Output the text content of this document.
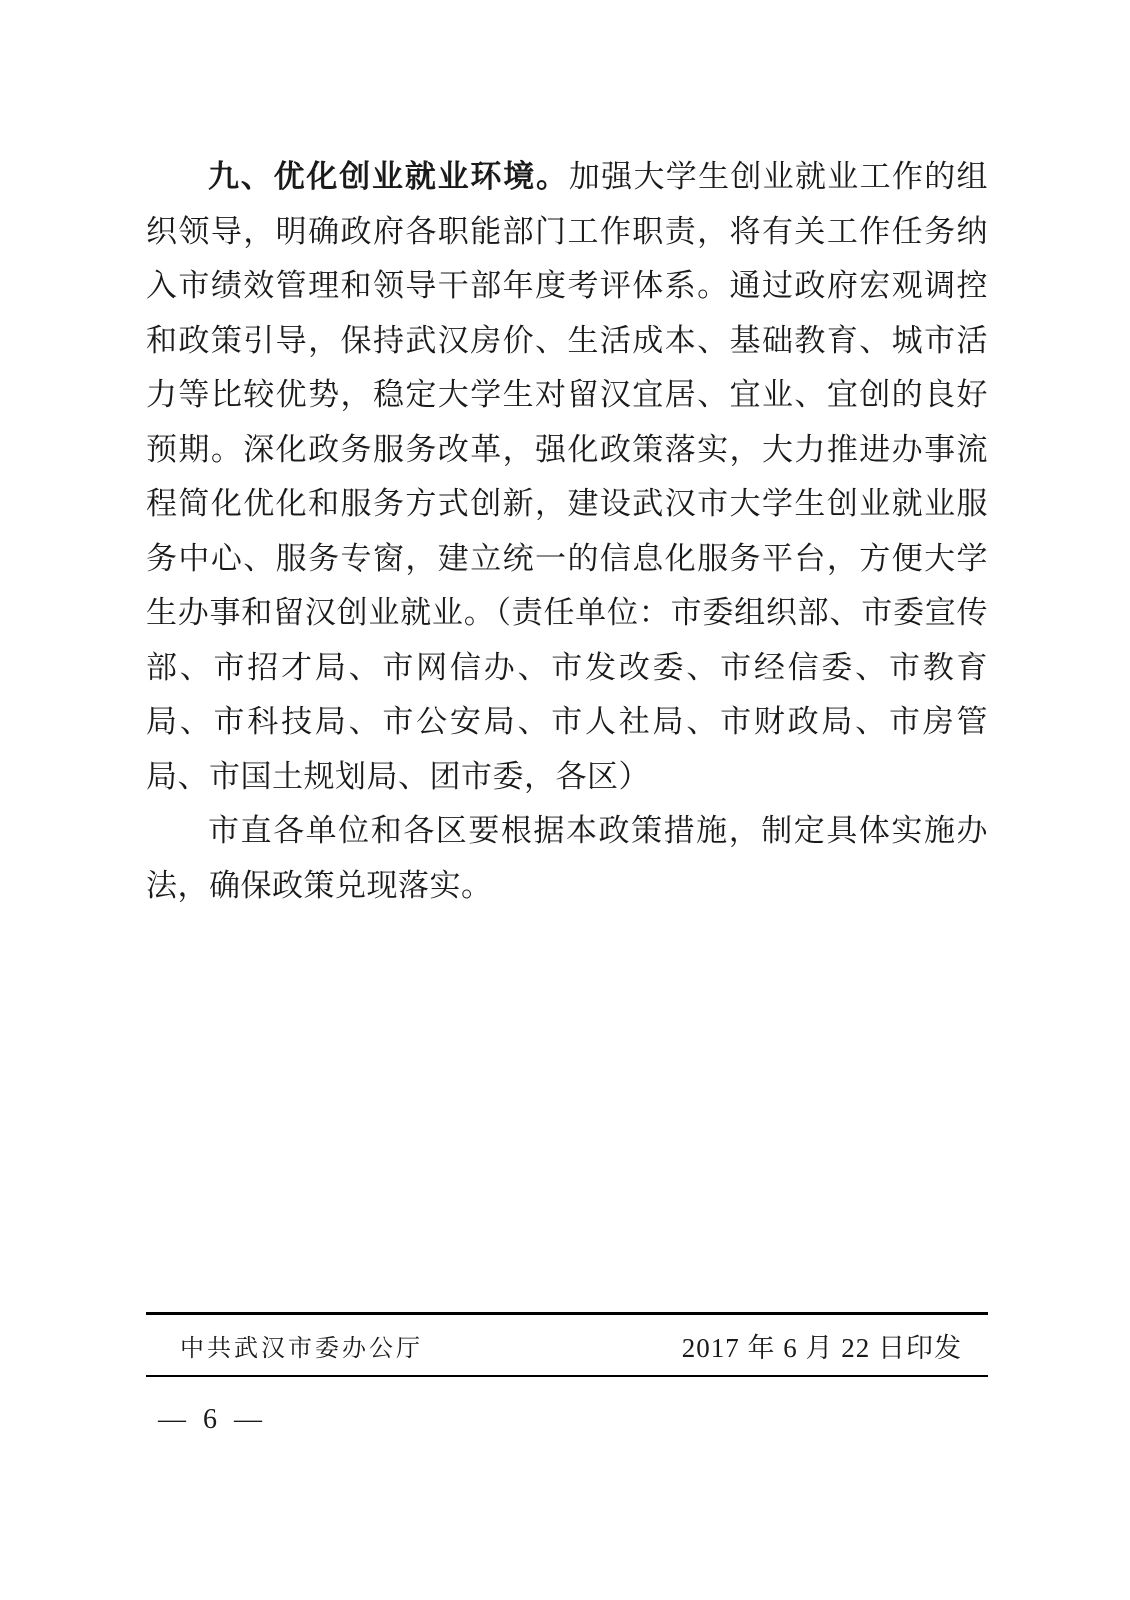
九、优化创业就业环境。加强大学生创业就业工作的组织领导，明确政府各职能部门工作职责，将有关工作任务纳入市绩效管理和领导干部年度考评体系。通过政府宏观调控和政策引导，保持武汉房价、生活成本、基础教育、城市活力等比较优势，稳定大学生对留汉宜居、宜业、宜创的良好预期。深化政务服务改革，强化政策落实，大力推进办事流程简化优化和服务方式创新，建设武汉市大学生创业就业服务中心、服务专窗，建立统一的信息化服务平台，方便大学生办事和留汉创业就业。（责任单位：市委组织部、市委宣传部、市招才局、市网信办、市发改委、市经信委、市教育局、市科技局、市公安局、市人社局、市财政局、市房管局、市国土规划局、团市委，各区）

市直各单位和各区要根据本政策措施，制定具体实施办法，确保政策兑现落实。

中共武汉市委办公厅	2017 年 6 月 22 日印发
— 6 —
